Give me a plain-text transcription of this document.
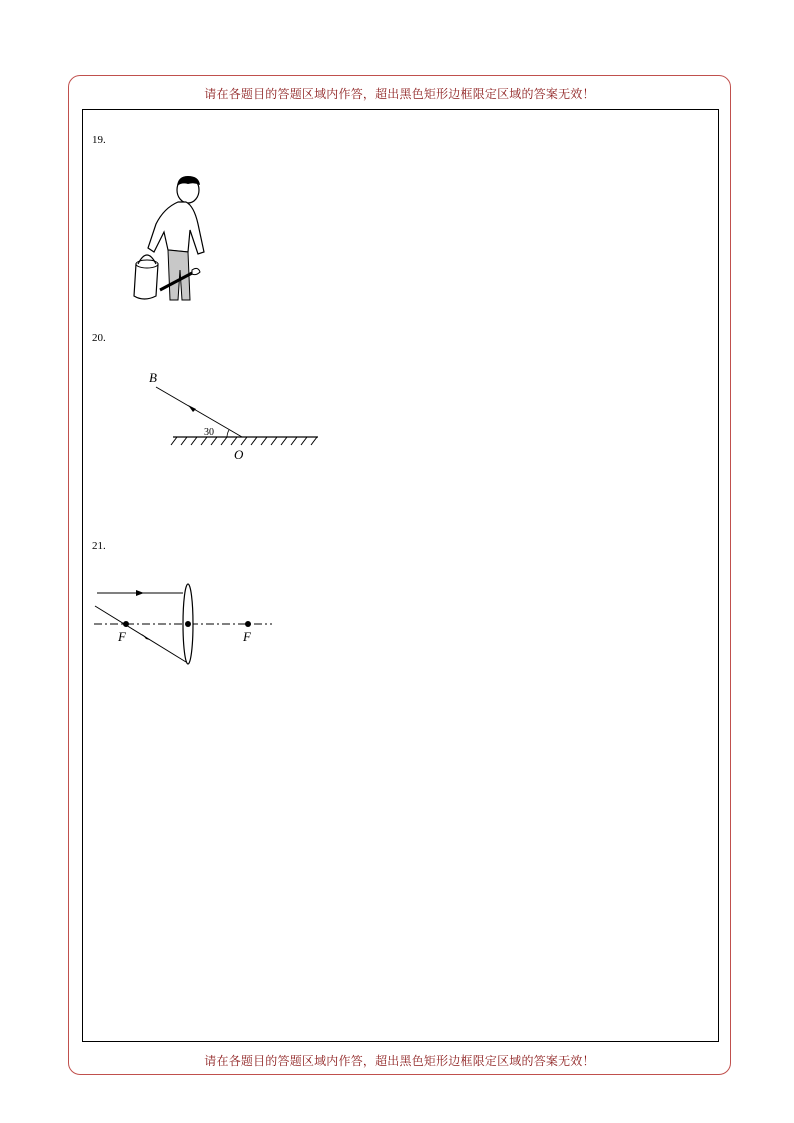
请在各题目的答题区域内作答，超出黑色矩形边框限定区域的答案无效！
19.
20.
30
B
O
21.
F	F
请在各题目的答题区域内作答，超出黑色矩形边框限定区域的答案无效！
